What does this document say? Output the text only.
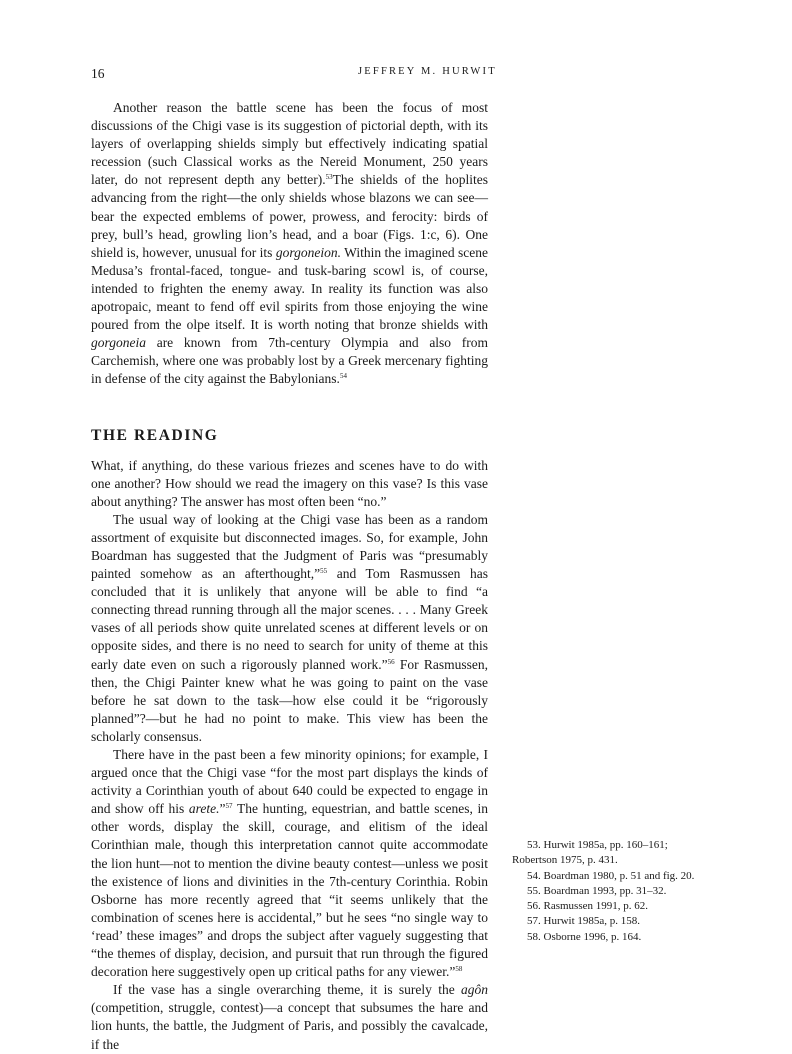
16	JEFFREY M. HURWIT

Another reason the battle scene has been the focus of most discussions of the Chigi vase is its suggestion of pictorial depth, with its layers of overlapping shields simply but effectively indicating spatial recession (such Classical works as the Nereid Monument, 250 years later, do not represent depth any better).$^{53}$The shields of the hoplites advancing from the right—the only shields whose blazons we can see—bear the expected emblems of power, prowess, and ferocity: birds of prey, bull’s head, growling lion’s head, and a boar (Figs. 1:c, 6). One shield is, however, unusual for its gorgoneion. Within the imagined scene Medusa’s frontal-faced, tongue- and tusk-baring scowl is, of course, intended to frighten the enemy away. In reality its function was also apotropaic, meant to fend off evil spirits from those enjoying the wine poured from the olpe itself. It is worth noting that bronze shields with gorgoneia are known from 7th-century Olympia and also from Carchemish, where one was probably lost by a Greek mercenary fighting in defense of the city against the Babylonians.$^{54}$

THE READING

What, if anything, do these various friezes and scenes have to do with one another? How should we read the imagery on this vase? Is this vase about anything? The answer has most often been “no.”

The usual way of looking at the Chigi vase has been as a random assortment of exquisite but disconnected images. So, for example, John Boardman has suggested that the Judgment of Paris was “presumably painted somehow as an afterthought,”$^{55}$ and Tom Rasmussen has concluded that it is unlikely that anyone will be able to find “a connecting thread running through all the major scenes. . . . Many Greek vases of all periods show quite unrelated scenes at different levels or on opposite sides, and there is no need to search for unity of theme at this early date even on such a rigorously planned work.”$^{56}$ For Rasmussen, then, the Chigi Painter knew what he was going to paint on the vase before he sat down to the task—how else could it be “rigorously planned”?—but he had no point to make. This view has been the scholarly consensus.

There have in the past been a few minority opinions; for example, I argued once that the Chigi vase “for the most part displays the kinds of activity a Corinthian youth of about 640 could be expected to engage in and show off his arete.”$^{57}$ The hunting, equestrian, and battle scenes, in other words, display the skill, courage, and elitism of the ideal Corinthian male, though this interpretation cannot quite accommodate the lion hunt—not to mention the divine beauty contest—unless we posit the existence of lions and divinities in the 7th-century Corinthia. Robin Osborne has more recently agreed that “it seems unlikely that the combination of scenes here is accidental,” but he sees “no single way to ‘read’ these images” and drops the subject after vaguely suggesting that “the themes of display, decision, and pursuit that run through the figured decoration here suggestively open up critical paths for any viewer.”$^{58}$

If the vase has a single overarching theme, it is surely the agôn (competition, struggle, contest)—a concept that subsumes the hare and lion hunts, the battle, the Judgment of Paris, and possibly the cavalcade, if the

53. Hurwit 1985a, pp. 160–161; Robertson 1975, p. 431.

54. Boardman 1980, p. 51 and fig. 20.

55. Boardman 1993, pp. 31–32.

56. Rasmussen 1991, p. 62.

57. Hurwit 1985a, p. 158.

58. Osborne 1996, p. 164.
